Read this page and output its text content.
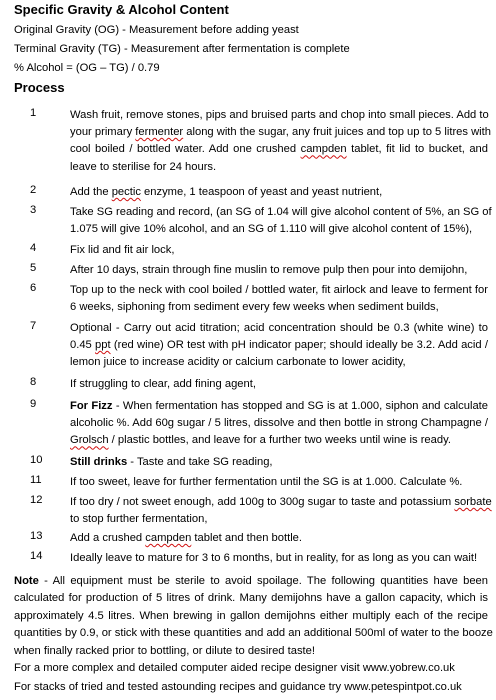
Specific Gravity & Alcohol Content
Original Gravity (OG) - Measurement before adding yeast
Terminal Gravity (TG) - Measurement after fermentation is complete
% Alcohol = (OG – TG) / 0.79
Process
1	Wash fruit, remove stones, pips and bruised parts and chop into small pieces. Add to
your primary fermenter along with the sugar, any fruit juices and top up to 5 litres with
cool boiled / bottled water. Add one crushed campden tablet, fit lid to bucket, and
leave to sterilise for 24 hours.
2	Add the pectic enzyme, 1 teaspoon of yeast and yeast nutrient,
3	Take SG reading and record, (an SG of 1.04 will give alcohol content of 5%, an SG of
1.075 will give 10% alcohol, and an SG of 1.110 will give alcohol content of 15%),
4	Fix lid and fit air lock,
5	After 10 days, strain through fine muslin to remove pulp then pour into demijohn,
6	Top up to the neck with cool boiled / bottled water, fit airlock and leave to ferment for
6 weeks, siphoning from sediment every few weeks when sediment builds,
7	Optional - Carry out acid titration; acid concentration should be 0.3 (white wine) to
0.45 ppt (red wine) OR test with pH indicator paper; should ideally be 3.2. Add acid /
lemon juice to increase acidity or calcium carbonate to lower acidity,
8	If struggling to clear, add fining agent,
9	For Fizz - When fermentation has stopped and SG is at 1.000, siphon and calculate
alcoholic %. Add 60g sugar / 5 litres, dissolve and then bottle in strong Champagne /
Grolsch / plastic bottles, and leave for a further two weeks until wine is ready.
10 Still drinks - Taste and take SG reading,
11	If too sweet, leave for further fermentation until the SG is at 1.000. Calculate %.
12 If too dry / not sweet enough, add 100g to 300g sugar to taste and potassium sorbate
to stop further fermentation,
13 Add a crushed campden tablet and then bottle.
14 Ideally leave to mature for 3 to 6 months, but in reality, for as long as you can wait!
Note - All equipment must be sterile to avoid spoilage. The following quantities have been
calculated for production of 5 litres of drink. Many demijohns have a gallon capacity, which is
approximately 4.5 litres. When brewing in gallon demijohns either multiply each of the recipe
quantities by 0.9, or stick with these quantities and add an additional 500ml of water to the booze
when finally racked prior to bottling, or dilute to desired taste!
For a more complex and detailed computer aided recipe designer visit www.yobrew.co.uk
For stacks of tried and tested astounding recipes and guidance try www.petespintpot.co.uk
